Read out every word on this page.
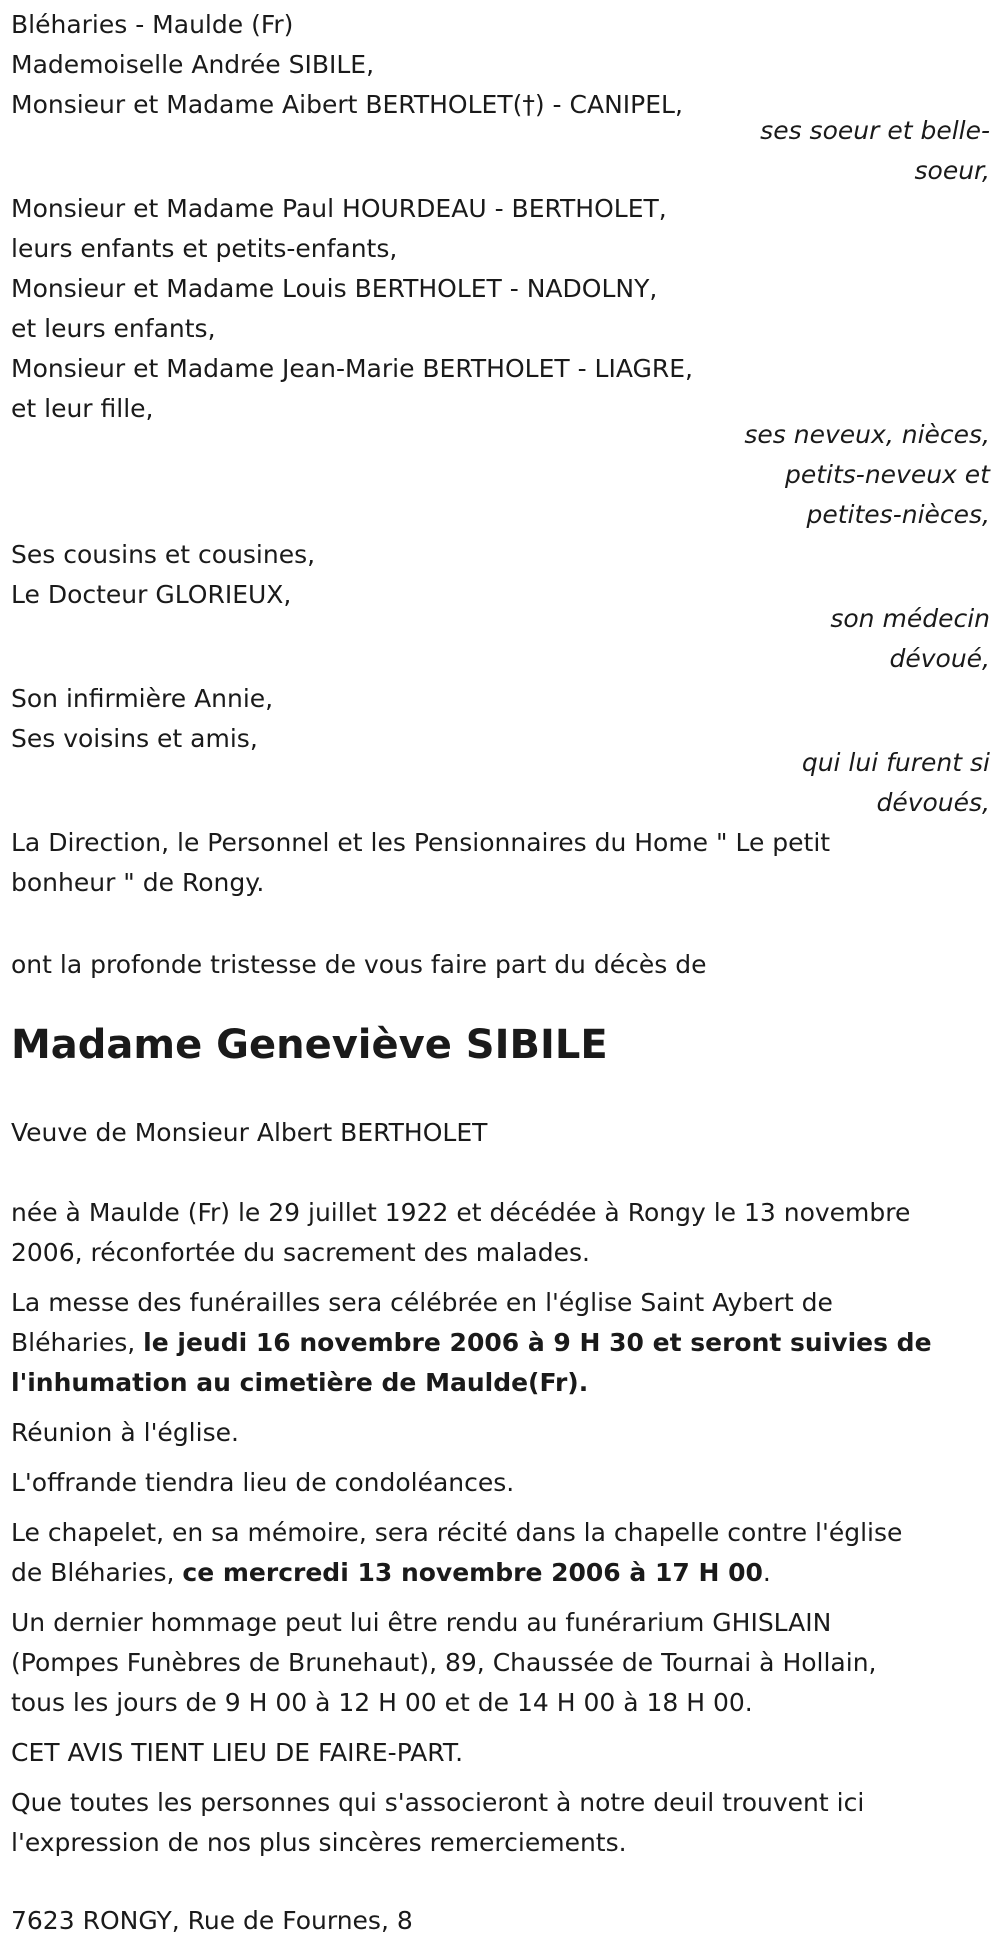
Bléharies - Maulde (Fr)
Mademoiselle Andrée SIBILE,
Monsieur et Madame Aibert BERTHOLET(†) - CANIPEL,
ses soeur et belle-
soeur,
Monsieur et Madame Paul HOURDEAU - BERTHOLET,
leurs enfants et petits-enfants,
Monsieur et Madame Louis BERTHOLET - NADOLNY,
et leurs enfants,
Monsieur et Madame Jean-Marie BERTHOLET - LIAGRE,
et leur fille,
ses neveux, nièces,
petits-neveux et
petites-nièces,
Ses cousins et cousines,
Le Docteur GLORIEUX,
son médecin
dévoué,
Son infirmière Annie,
Ses voisins et amis,
qui lui furent si
dévoués,
La Direction, le Personnel et les Pensionnaires du Home " Le petit
bonheur " de Rongy.
ont la profonde tristesse de vous faire part du décès de
Madame Geneviève SIBILE
Veuve de Monsieur Albert BERTHOLET
née à Maulde (Fr) le 29 juillet 1922 et décédée à Rongy le 13 novembre
2006, réconfortée du sacrement des malades.
La messe des funérailles sera célébrée en l'église Saint Aybert de
Bléharies, le jeudi 16 novembre 2006 à 9 H 30 et seront suivies de
l'inhumation au cimetière de Maulde(Fr).
Réunion à l'église.
L'offrande tiendra lieu de condoléances.
Le chapelet, en sa mémoire, sera récité dans la chapelle contre l'église
de Bléharies, ce mercredi 13 novembre 2006 à 17 H 00.
Un dernier hommage peut lui être rendu au funérarium GHISLAIN
(Pompes Funèbres de Brunehaut), 89, Chaussée de Tournai à Hollain,
tous les jours de 9 H 00 à 12 H 00 et de 14 H 00 à 18 H 00.
CET AVIS TIENT LIEU DE FAIRE-PART.
Que toutes les personnes qui s'associeront à notre deuil trouvent ici
l'expression de nos plus sincères remerciements.
7623 RONGY, Rue de Fournes, 8
